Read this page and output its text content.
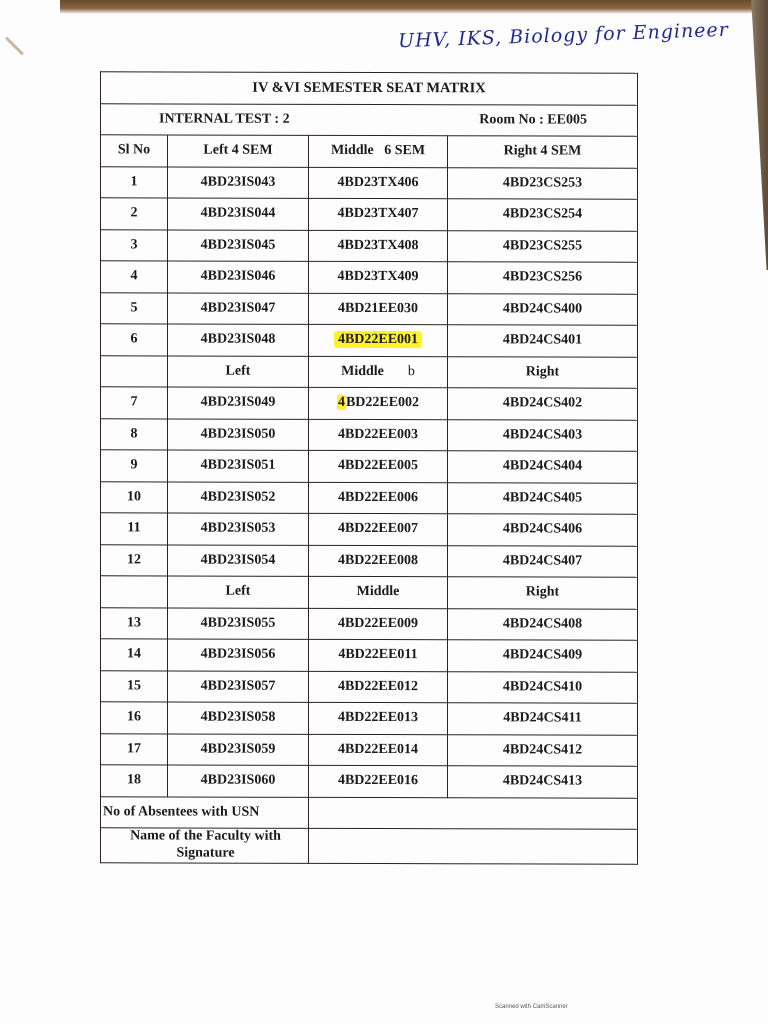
UHV, IKS, Biology for Engineer
IV &VI SEMESTER SEAT MATRIX			

INTERNAL TEST : 2 Room No : EE005			

Sl No	Left 4 SEM	Middle   6 SEM	Right 4 SEM
1	4BD23IS043	4BD23TX406	4BD23CS253
2	4BD23IS044	4BD23TX407	4BD23CS254
3	4BD23IS045	4BD23TX408	4BD23CS255
4	4BD23IS046	4BD23TX409	4BD23CS256
5	4BD23IS047	4BD21EE030	4BD24CS400
6	4BD23IS048	4BD22EE001	4BD24CS401
	Left	Middle b	Right
7	4BD23IS049	4BD22EE002	4BD24CS402
8	4BD23IS050	4BD22EE003	4BD24CS403
9	4BD23IS051	4BD22EE005	4BD24CS404
10	4BD23IS052	4BD22EE006	4BD24CS405
11	4BD23IS053	4BD22EE007	4BD24CS406
12	4BD23IS054	4BD22EE008	4BD24CS407
	Left	Middle	Right
13	4BD23IS055	4BD22EE009	4BD24CS408
14	4BD23IS056	4BD22EE011	4BD24CS409
15	4BD23IS057	4BD22EE012	4BD24CS410
16	4BD23IS058	4BD22EE013	4BD24CS411
17	4BD23IS059	4BD22EE014	4BD24CS412
18	4BD23IS060	4BD22EE016	4BD24CS413
No of Absentees with USN			
Name of the Faculty with Signature			
Scanned with CamScanner
